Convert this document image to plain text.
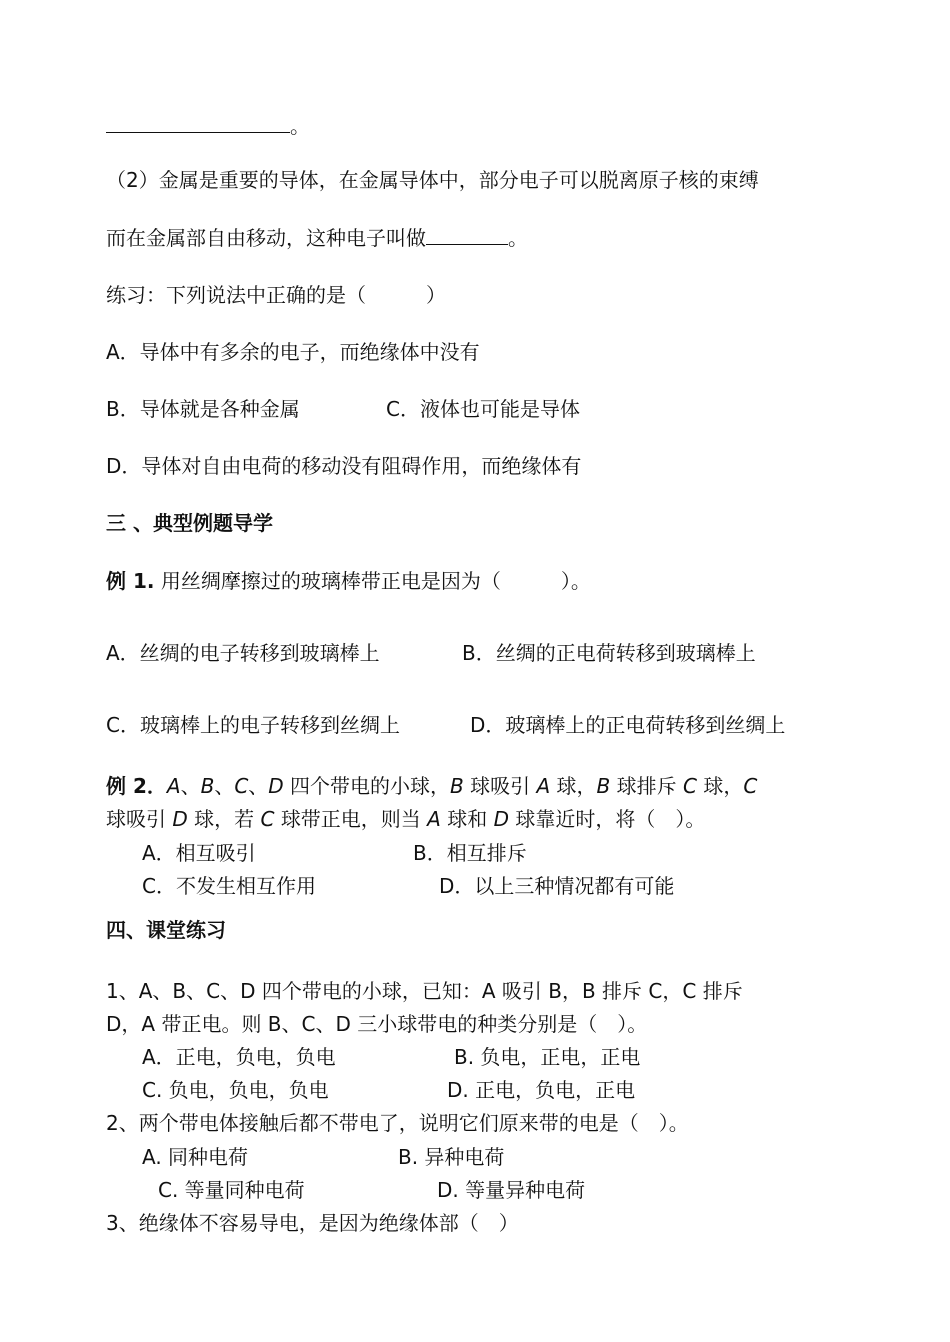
。
（2）金属是重要的导体，在金属导体中，部分电子可以脱离原子核的束缚
而在金属部自由移动，这种电子叫做	。
练习：下列说法中正确的是（　　　）
A．导体中有多余的电子，而绝缘体中没有
B．导体就是各种金属	C．液体也可能是导体
D．导体对自由电荷的移动没有阻碍作用，而绝缘体有
三 、典型例题导学
例 1. 用丝绸摩擦过的玻璃棒带正电是因为（　　　）。
A．丝绸的电子转移到玻璃棒上	B．丝绸的正电荷转移到玻璃棒上
C．玻璃棒上的电子转移到丝绸上	D．玻璃棒上的正电荷转移到丝绸上
例 2．A、B、C、D 四个带电的小球，B 球吸引 A 球，B 球排斥 C 球，C
球吸引 D 球，若 C 球带正电，则当 A 球和 D 球靠近时，将（　）。
A．相互吸引	B．相互排斥
C．不发生相互作用	D．以上三种情况都有可能
四、课堂练习
1、A、B、C、D 四个带电的小球，已知：A 吸引 B，B 排斥 C，C 排斥
D，A 带正电。则 B、C、D 三小球带电的种类分别是（　）。
A．正电，负电，负电	B. 负电，正电，正电
C. 负电，负电，负电	D. 正电，负电，正电
2、两个带电体接触后都不带电了，说明它们原来带的电是（　）。
A. 同种电荷	B. 异种电荷
C. 等量同种电荷	D. 等量异种电荷
3、绝缘体不容易导电，是因为绝缘体部（　）
